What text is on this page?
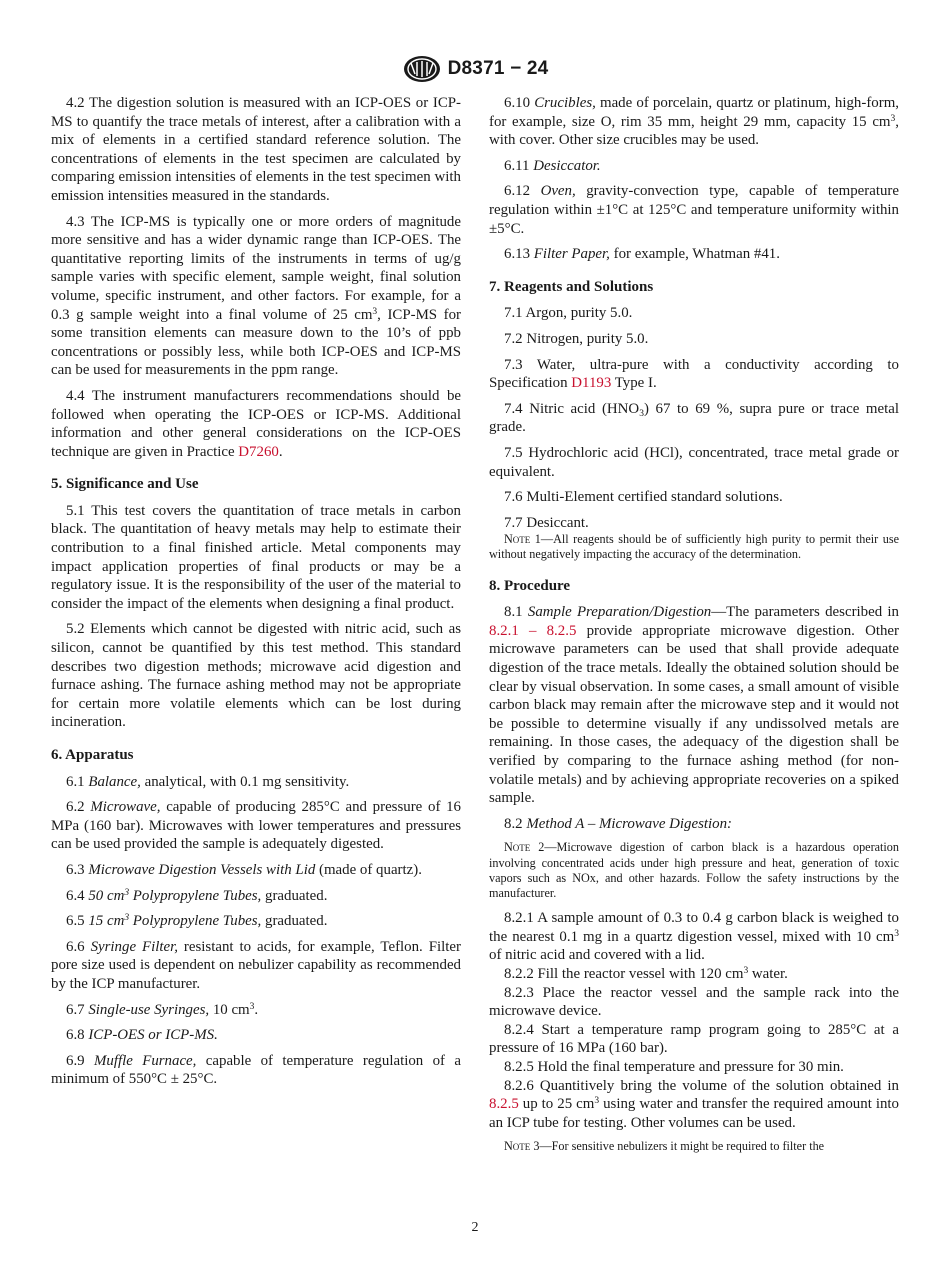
D8371 − 24

4.2 The digestion solution is measured with an ICP-OES or ICP-MS to quantify the trace metals of interest, after a calibration with a mix of elements in a certified standard reference solution. The concentrations of elements in the test specimen are calculated by comparing emission intensities of elements in the test specimen with emission intensities measured in the standards.

4.3 The ICP-MS is typically one or more orders of magnitude more sensitive and has a wider dynamic range than ICP-OES. The quantitative reporting limits of the instruments in terms of ug/g sample varies with specific element, sample weight, final solution volume, specific instrument, and other factors. For example, for a 0.3 g sample weight into a final volume of 25 $cm^3$, ICP-MS for some transition elements can measure down to the 10’s of ppb concentrations or possibly less, while both ICP-OES and ICP-MS can be used for measurements in the ppm range.

4.4 The instrument manufacturers recommendations should be followed when operating the ICP-OES or ICP-MS. Additional information and other general considerations on the ICP-OES technique are given in Practice D7260.

5. Significance and Use

5.1 This test covers the quantitation of trace metals in carbon black. The quantitation of heavy metals may help to estimate their contribution to a final finished article. Metal components may impact application properties of final products or may be a regulatory issue. It is the responsibility of the user of the material to consider the impact of the elements when designing a final product.

5.2 Elements which cannot be digested with nitric acid, such as silicon, cannot be quantified by this test method. This standard describes two digestion methods; microwave acid digestion and furnace ashing. The furnace ashing method may not be appropriate for certain more volatile elements which can be lost during incineration.

6. Apparatus

6.1 Balance, analytical, with 0.1 mg sensitivity.

6.2 Microwave, capable of producing 285°C and pressure of 16 MPa (160 bar). Microwaves with lower temperatures and pressures can be used provided the sample is adequately digested.

6.3 Microwave Digestion Vessels with Lid (made of quartz).

6.4 50 $cm^3$ Polypropylene Tubes, graduated.

6.5 15 $cm^3$ Polypropylene Tubes, graduated.

6.6 Syringe Filter, resistant to acids, for example, Teflon. Filter pore size used is dependent on nebulizer capability as recommended by the ICP manufacturer.

6.7 Single-use Syringes, 10 $cm^3$.

6.8 ICP-OES or ICP-MS.

6.9 Muffle Furnace, capable of temperature regulation of a minimum of 550°C ± 25°C.

6.10 Crucibles, made of porcelain, quartz or platinum, high-form, for example, size O, rim 35 mm, height 29 mm, capacity 15 $cm^3$, with cover. Other size crucibles may be used.

6.11 Desiccator.

6.12 Oven, gravity-convection type, capable of temperature regulation within ±1°C at 125°C and temperature uniformity within ±5°C.

6.13 Filter Paper, for example, Whatman #41.

7. Reagents and Solutions

7.1 Argon, purity 5.0.

7.2 Nitrogen, purity 5.0.

7.3 Water, ultra-pure with a conductivity according to Specification D1193 Type I.

7.4 Nitric acid $(HNO_3)$ 67 to 69 %, supra pure or trace metal grade.

7.5 Hydrochloric acid (HCl), concentrated, trace metal grade or equivalent.

7.6 Multi-Element certified standard solutions.

7.7 Desiccant.

Note 1—All reagents should be of sufficiently high purity to permit their use without negatively impacting the accuracy of the determination.

8. Procedure

8.1 Sample Preparation/Digestion—The parameters described in 8.2.1 – 8.2.5 provide appropriate microwave digestion. Other microwave parameters can be used that shall provide adequate digestion of the trace metals. Ideally the obtained solution should be clear by visual observation. In some cases, a small amount of visible carbon black may remain after the microwave step and it would not be possible to determine visually if any undissolved metals are remaining. In those cases, the adequacy of the digestion shall be verified by comparing to the furnace ashing method (for non-volatile metals) and by achieving appropriate recoveries on a spiked sample.

8.2 Method A – Microwave Digestion:

Note 2—Microwave digestion of carbon black is a hazardous operation involving concentrated acids under high pressure and heat, generation of toxic vapors such as NOx, and other hazards. Follow the safety instructions by the manufacturer.

8.2.1 A sample amount of 0.3 to 0.4 g carbon black is weighed to the nearest 0.1 mg in a quartz digestion vessel, mixed with 10 $cm^3$ of nitric acid and covered with a lid.

8.2.2 Fill the reactor vessel with 120 $cm^3$ water.

8.2.3 Place the reactor vessel and the sample rack into the microwave device.

8.2.4 Start a temperature ramp program going to 285°C at a pressure of 16 MPa (160 bar).

8.2.5 Hold the final temperature and pressure for 30 min.

8.2.6 Quantitively bring the volume of the solution obtained in 8.2.5 up to 25 $cm^3$ using water and transfer the required amount into an ICP tube for testing. Other volumes can be used.

Note 3—For sensitive nebulizers it might be required to filter the

2
